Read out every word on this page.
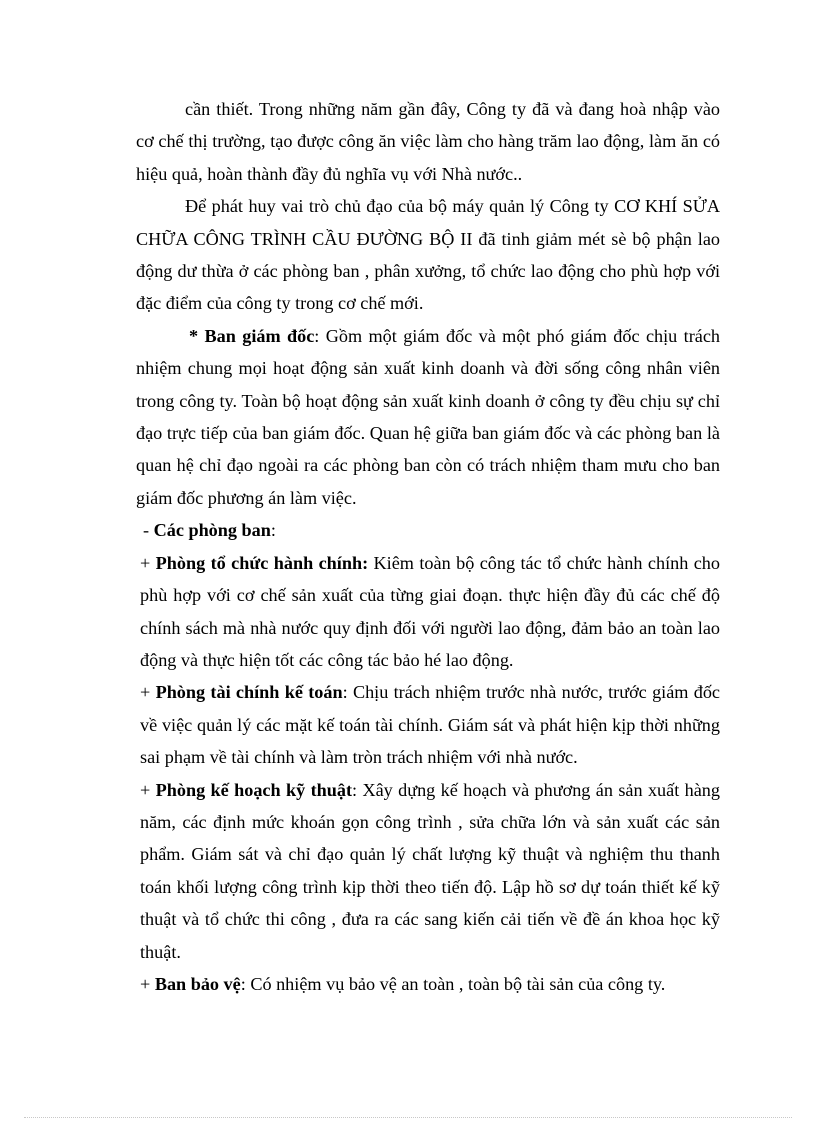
cần thiết. Trong những năm gần đây, Công ty đã và đang hoà nhập vào cơ chế thị trường, tạo được công ăn việc làm cho hàng trăm lao động, làm ăn có hiệu quả, hoàn thành đầy đủ nghĩa vụ với Nhà nước..

Để phát huy vai trò chủ đạo của bộ máy quản lý Công ty CƠ KHÍ SỬA CHỮA CÔNG TRÌNH CẦU ĐƯỜNG BỘ II đã tinh giảm mét sè bộ phận lao động dư thừa ở các phòng ban , phân xưởng, tổ chức lao động cho phù hợp với đặc điểm của công ty trong cơ chế mới.

* Ban giám đốc: Gồm một giám đốc và một phó giám đốc chịu trách nhiệm chung mọi hoạt động sản xuất kinh doanh và đời sống công nhân viên trong công ty. Toàn bộ hoạt động sản xuất kinh doanh ở công ty đều chịu sự chỉ đạo trực tiếp của ban giám đốc. Quan hệ giữa ban giám đốc và các phòng ban là quan hệ chỉ đạo ngoài ra các phòng ban còn có trách nhiệm tham mưu cho ban giám đốc phương án làm việc.

- Các phòng ban:

+ Phòng tổ chức hành chính: Kiêm toàn bộ công tác tổ chức hành chính cho phù hợp với cơ chế sản xuất của từng giai đoạn. thực hiện đầy đủ các chế độ chính sách mà nhà nước quy định đối với người lao động, đảm bảo an toàn lao động và thực hiện tốt các công tác bảo hé lao động.

+ Phòng tài chính kế toán: Chịu trách nhiệm trước nhà nước, trước giám đốc về việc quản lý các mặt kế toán tài chính. Giám sát và phát hiện kịp thời những sai phạm về tài chính và làm tròn trách nhiệm với nhà nước.

+ Phòng kế hoạch kỹ thuật: Xây dựng kế hoạch và phương án sản xuất hàng năm, các định mức khoán gọn công trình , sửa chữa lớn và sản xuất các sản phẩm. Giám sát và chỉ đạo quản lý chất lượng kỹ thuật và nghiệm thu thanh toán khối lượng công trình kịp thời theo tiến độ. Lập hồ sơ dự toán thiết kế kỹ thuật và tổ chức thi công , đưa ra các sang kiến cải tiến về đề án khoa học kỹ thuật.

+ Ban bảo vệ: Có nhiệm vụ bảo vệ an toàn , toàn bộ tài sản của công ty.
